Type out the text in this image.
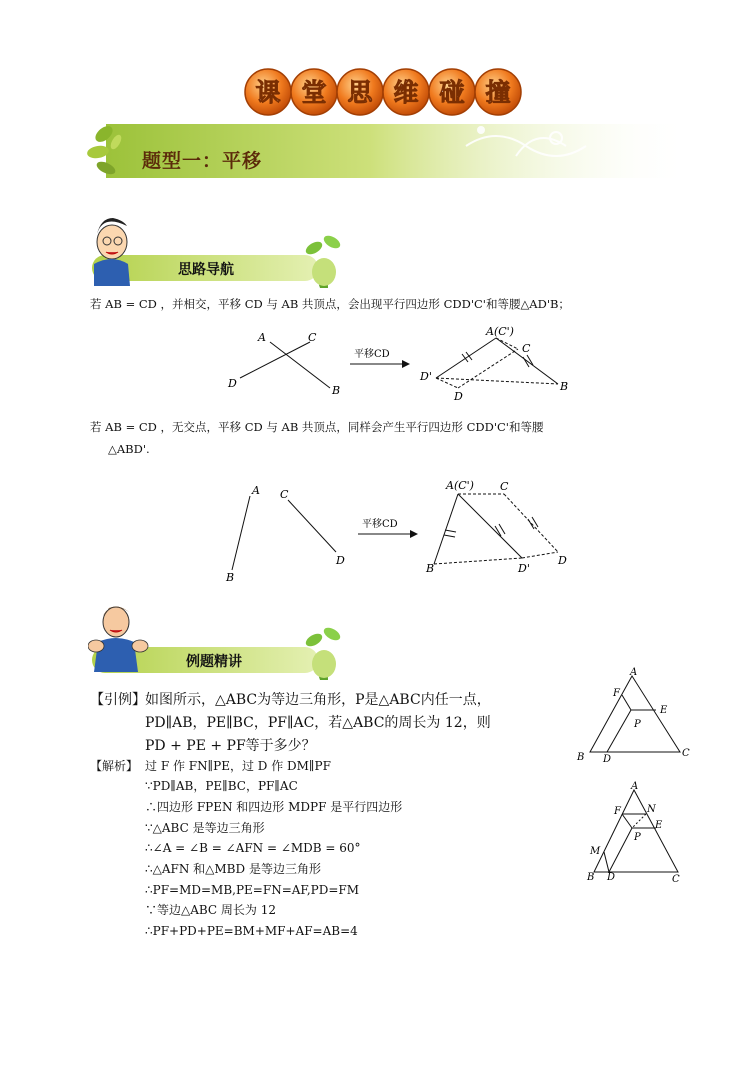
课 堂 思 维 碰 撞
题型一：平移
思路导航
若 AB = CD ，并相交，平移 CD 与 AB 共顶点，会出现平行四边形 CDD'C'和等腰△AD'B；
A	C
D
B
平移CD
A(C')
C
D'
D
B
若 AB = CD ，无交点，平移 CD 与 AB 共顶点，同样会产生平行四边形 CDD'C'和等腰
△ABD'.
A C
B
D
平移CD
A(C') C
B	D'
D
例题精讲
【引例】 如图所示，△ABC为等边三角形，P是△ABC内任一点，
PD∥AB，PE∥BC，PF∥AC，若△ABC的周长为 12，则
PD + PE + PF等于多少？
【解析】 过 F 作 FN∥PE，过 D 作 DM∥PF
∵PD∥AB，PE∥BC，PF∥AC
∴四边形 FPEN 和四边形 MDPF 是平行四边形
∵△ABC 是等边三角形
∴∠A = ∠B = ∠AFN = ∠MDB = 60°
∴△AFN 和△MBD 是等边三角形
∴PF=MD=MB,PE=FN=AF,PD=FM
∵等边△ABC 周长为 12
∴PF+PD+PE=BM+MF+AF=AB=4
A
F
E
P
B D
C
A
F	N
P
E
M
B D	C
